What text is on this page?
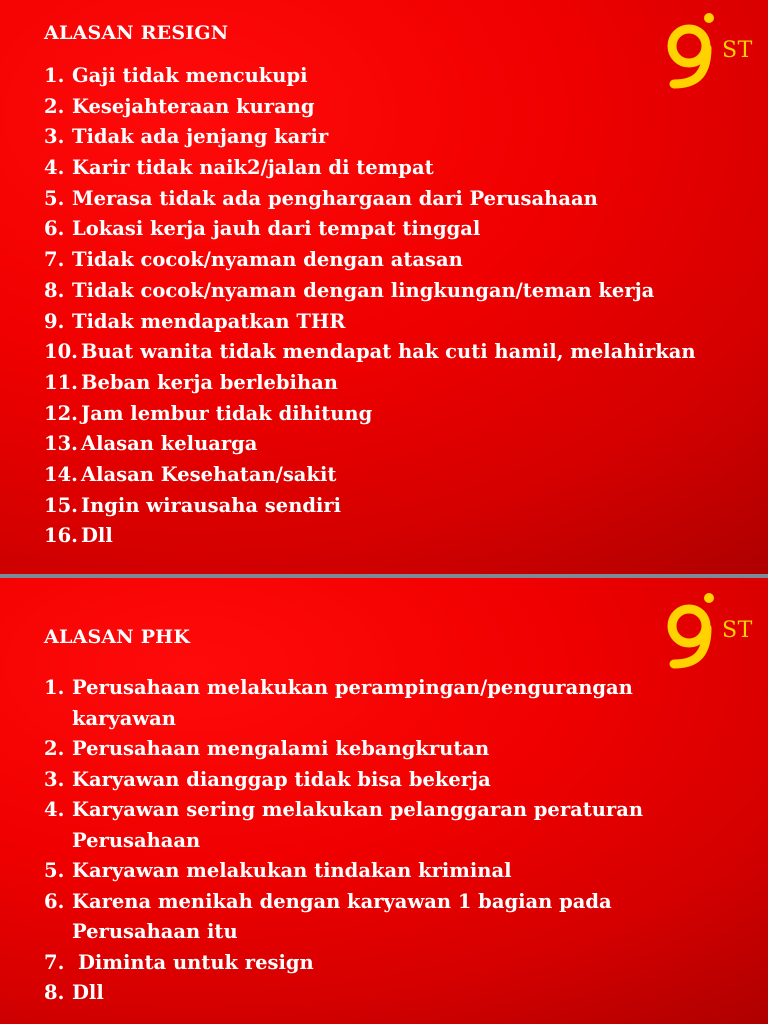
ALASAN RESIGN
ST
1. Gaji tidak mencukupi
2. Kesejahteraan kurang
3. Tidak ada jenjang karir
4. Karir tidak naik2/jalan di tempat
5. Merasa tidak ada penghargaan dari Perusahaan
6. Lokasi kerja jauh dari tempat tinggal
7. Tidak cocok/nyaman dengan atasan
8. Tidak cocok/nyaman dengan lingkungan/teman kerja
9. Tidak mendapatkan THR
10. Buat wanita tidak mendapat hak cuti hamil, melahirkan
11. Beban kerja berlebihan
12. Jam lembur tidak dihitung
13. Alasan keluarga
14. Alasan Kesehatan/sakit
15. Ingin wirausaha sendiri
16. Dll
ALASAN PHK	ST
1. Perusahaan melakukan perampingan/pengurangan karyawan
2. Perusahaan mengalami kebangkrutan
3. Karyawan dianggap tidak bisa bekerja
4. Karyawan sering melakukan pelanggaran peraturan Perusahaan
5. Karyawan melakukan tindakan kriminal
6. Karena menikah dengan karyawan 1 bagian pada Perusahaan itu
7. Diminta untuk resign
8. Dll
